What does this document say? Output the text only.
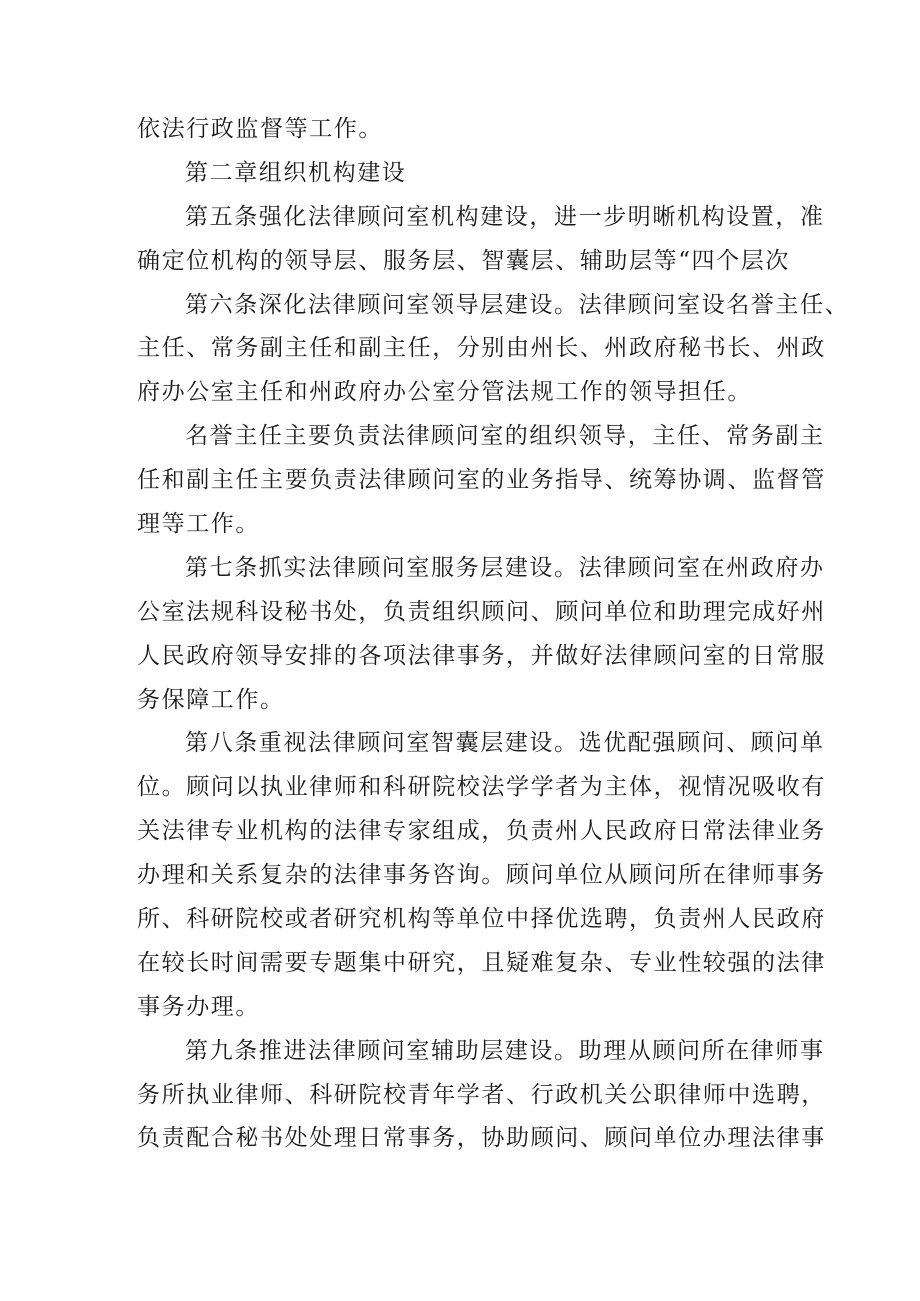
依法行政监督等工作。

第二章组织机构建设

第五条强化法律顾问室机构建设，进一步明晰机构设置，准
确定位机构的领导层、服务层、智囊层、辅助层等“四个层次

第六条深化法律顾问室领导层建设。法律顾问室设名誉主任、
主任、常务副主任和副主任，分别由州长、州政府秘书长、州政
府办公室主任和州政府办公室分管法规工作的领导担任。

名誉主任主要负责法律顾问室的组织领导，主任、常务副主
任和副主任主要负责法律顾问室的业务指导、统筹协调、监督管
理等工作。

第七条抓实法律顾问室服务层建设。法律顾问室在州政府办
公室法规科设秘书处，负责组织顾问、顾问单位和助理完成好州
人民政府领导安排的各项法律事务，并做好法律顾问室的日常服
务保障工作。

第八条重视法律顾问室智囊层建设。选优配强顾问、顾问单
位。顾问以执业律师和科研院校法学学者为主体，视情况吸收有
关法律专业机构的法律专家组成，负责州人民政府日常法律业务
办理和关系复杂的法律事务咨询。顾问单位从顾问所在律师事务
所、科研院校或者研究机构等单位中择优选聘，负责州人民政府
在较长时间需要专题集中研究，且疑难复杂、专业性较强的法律
事务办理。

第九条推进法律顾问室辅助层建设。助理从顾问所在律师事
务所执业律师、科研院校青年学者、行政机关公职律师中选聘，
负责配合秘书处处理日常事务，协助顾问、顾问单位办理法律事
